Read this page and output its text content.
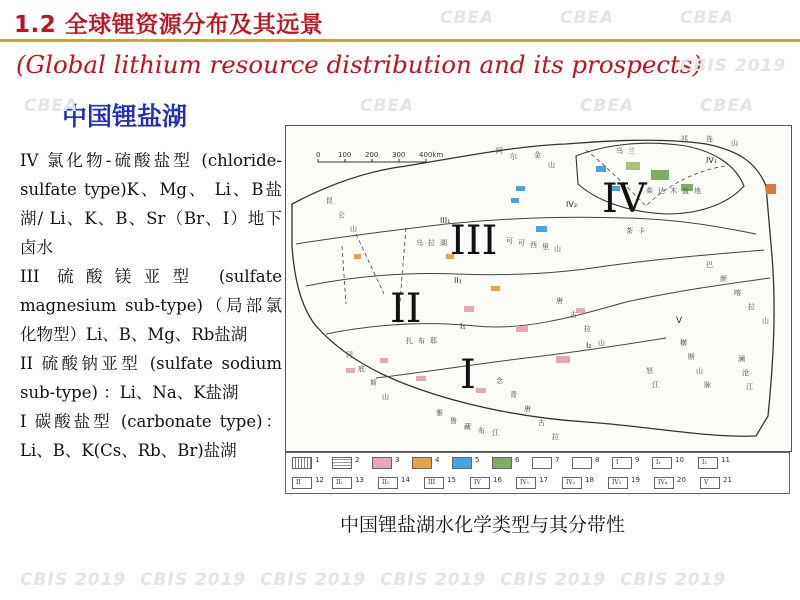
1.2 全球锂资源分布及其远景
(Global lithium resource distribution and its prospects)
中国锂盐湖

IV 氯化物-硫酸盐型 (chloride-sulfate type)K、Mg、 Li、B盐湖/ Li、K、B、Sr（Br、I）地下卤水

III 硫酸镁亚型 (sulfate magnesium sub-type)（局部氯化物型）Li、B、Mg、Rb盐湖

II 硫酸钠亚型 (sulfate sodium sub-type) ：Li、Na、K盐湖

I 碳酸盐型 (carbonate type)：Li、B、K(Cs、Rb、Br)盐湖

0	100 200 300 400km
IV
III
II
I
IV₁
IV₂
III₁
II₁
I₁
I₂
V
祁	连	山
昆
仑
山
巴
颜
喀
拉
山
冈
底
斯
山
唐
古
拉
山
念
青
唐
古
拉
雅
鲁
藏 布 江
横
断
山
脉
怒
江
澜
沧
江
阿
尔 金
山
柴 达 木 盆 地
可 可 西 里 山
乌 兰
乌 拉 湖
扎 布 耶
茶 卡
1	2	3	4	5	6	7	8	I 9	I₁ 10	I₂ 11
II 12 II₁ 13	II₂ 14	III 15	IV 16	IV₁ 17	IV₂ 18	IV₃ 19	IV₄ 20	V 21
中国锂盐湖水化学类型与其分带性
CBEA	CBEA	CBEA
CBIS 2019
CBEA	CBEA	CBEA	CBEA
CBIS 2019 CBIS 2019 CBIS 2019 CBIS 2019 CBIS 2019 CBIS 2019
